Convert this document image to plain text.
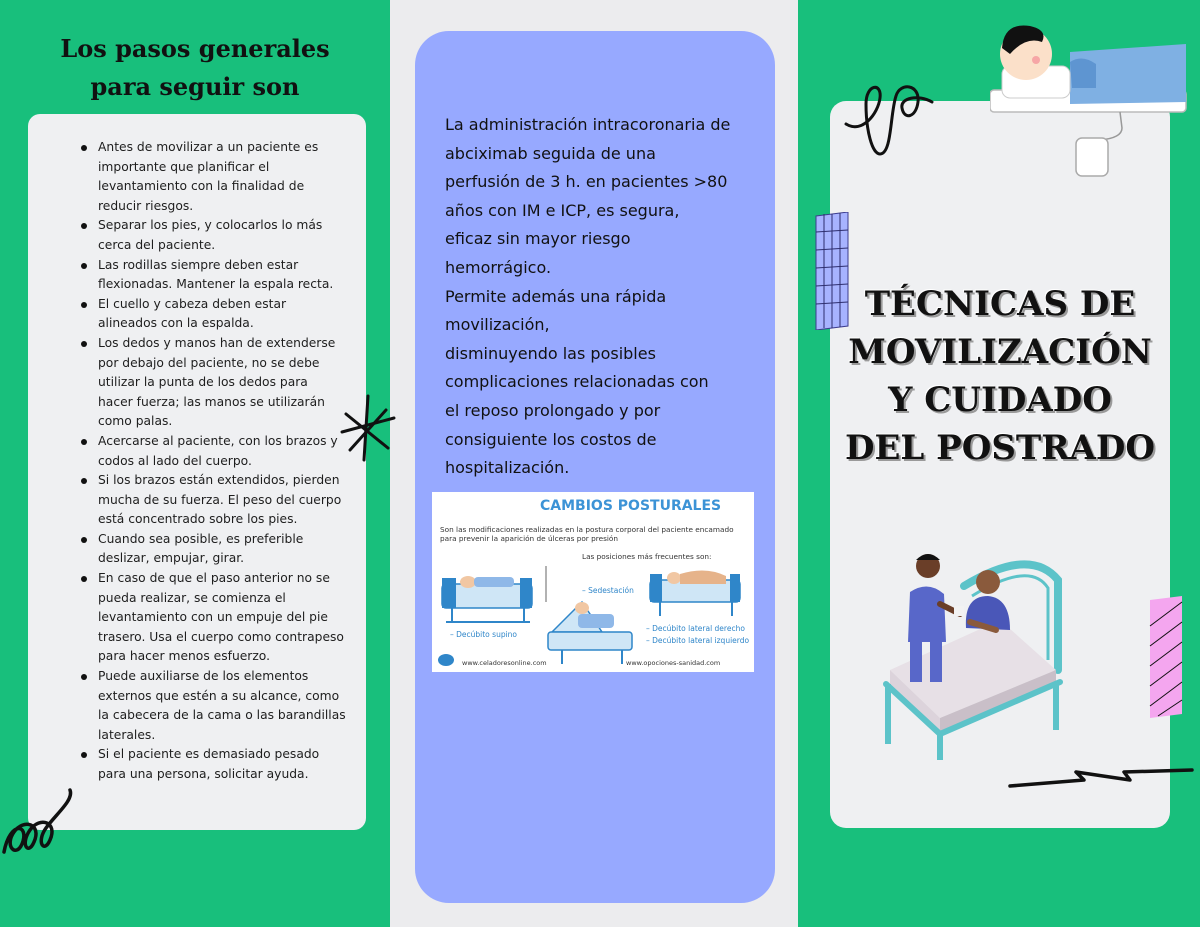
Los pasos generales
para seguir son
Antes de movilizar a un paciente es importante que planificar el levantamiento con la finalidad de reducir riesgos.
Separar los pies, y colocarlos lo más cerca del paciente.
Las rodillas siempre deben estar flexionadas. Mantener la espala recta.
El cuello y cabeza deben estar alineados con la espalda.
Los dedos y manos han de extenderse por debajo del paciente, no se debe utilizar la punta de los dedos para hacer fuerza; las manos se utilizarán como palas.
Acercarse al paciente, con los brazos y codos al lado del cuerpo.
Si los brazos están extendidos, pierden mucha de su fuerza. El peso del cuerpo está concentrado sobre los pies.
Cuando sea posible, es preferible deslizar, empujar, girar.
En caso de que el paso anterior no se pueda realizar, se comienza el levantamiento con un empuje del pie trasero. Usa el cuerpo como contrapeso para hacer menos esfuerzo.
Puede auxiliarse de los elementos externos que estén a su alcance, como la cabecera de la cama o las barandillas laterales.
Si el paciente es demasiado pesado para una persona, solicitar ayuda.

La administración intracoronaria de
abciximab seguida de una
perfusión de 3 h. en pacientes >80
años con IM e ICP, es segura,
eficaz sin mayor riesgo
hemorrágico.
Permite además una rápida
movilización,
disminuyendo las posibles
complicaciones relacionadas con
el reposo prolongado y por
consiguiente los costos de
hospitalización.

CAMBIOS POSTURALES
Son las modificaciones realizadas en la postura corporal del paciente encamado para prevenir la aparición de úlceras por presión
Las posiciones más frecuentes son:
– Sedestación
– Decúbito supino
– Decúbito lateral derecho
– Decúbito lateral izquierdo
www.celadoresonline.com	www.opociones-sanidad.com
TÉCNICAS DE
MOVILIZACIÓN
Y CUIDADO
DEL POSTRADO
